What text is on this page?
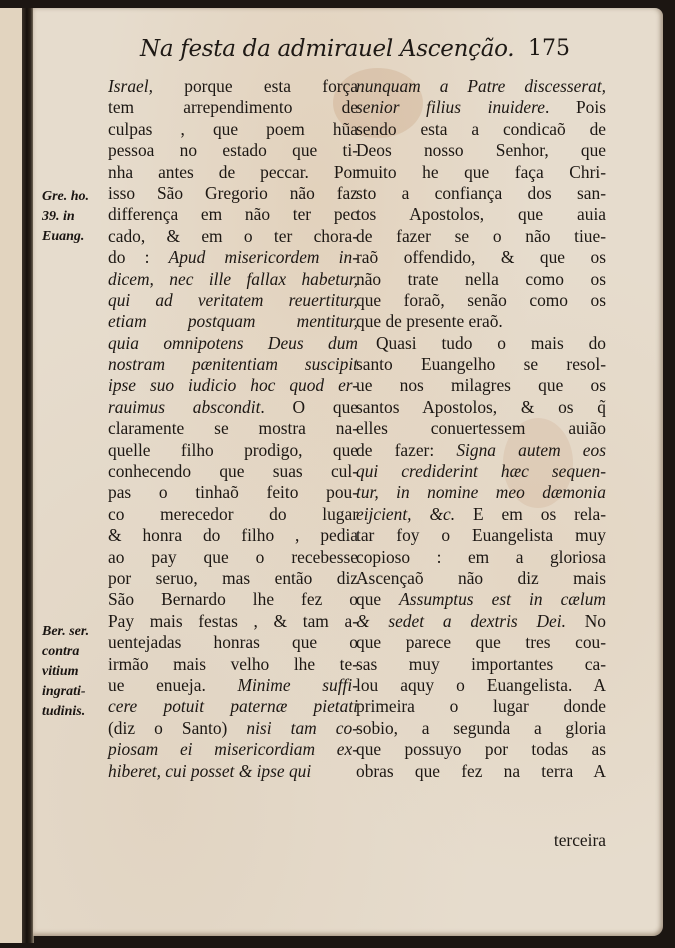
Na festa da admirauel Ascenção. 175
Gre. ho.
39. in
Euang.
Ber. ser.
contra
vitium
ingrati-
tudinis.
Israel, porque esta força
tem arrependimento de
culpas , que poem hũa
pessoa no estado que ti-
nha antes de peccar. Por
isso São Gregorio não faz
differença em não ter pec
cado, & em o ter chora-
do : Apud misericordem in-
dicem, nec ille fallax habetur,
qui ad veritatem reuertitur,
etiam postquam mentitur,
quia omnipotens Deus dum
nostram pænitentiam suscipit
ipse suo iudicio hoc quod er-
rauimus abscondit. O que
claramente se mostra na-
quelle filho prodigo, que
conhecendo que suas cul-
pas o tinhaõ feito pou-
co merecedor do lugar
& honra do filho , pedia
ao pay que o recebesse
por seruo, mas então diz
São Bernardo lhe fez o
Pay mais festas , & tam a-
uentejadas honras que o
irmão mais velho lhe te-
ue enueja. Minime suffi-
cere potuit paternæ pietati
(diz o Santo) nisi tam co-
piosam ei misericordiam ex-
hiberet, cui posset & ipse qui
nunquam a Patre discesserat,
senior filius inuidere. Pois
sendo esta a condicaõ de
Deos nosso Senhor, que
muito he que faça Chri-
sto a confiança dos san-
tos Apostolos, que auia
de fazer se o não tiue-
raõ offendido, & que os
não trate nella como os
que foraõ, senão como os
que de presente eraõ.
Quasi tudo o mais do
santo Euangelho se resol-
ue nos milagres que os
santos Apostolos, & os q̃
elles conuertessem auião
de fazer: Signa autem eos
qui crediderint hæc sequen-
tur, in nomine meo dæmonia
eijcient, &c. E em os rela-
tar foy o Euangelista muy
copioso : em a gloriosa
Ascençaõ não diz mais
que Assumptus est in cælum
& sedet a dextris Dei. No
que parece que tres cou-
sas muy importantes ca-
lou aquy o Euangelista. A
primeira o lugar donde
sobio, a segunda a gloria
que possuyo por todas as
obras que fez na terra A
terceira
